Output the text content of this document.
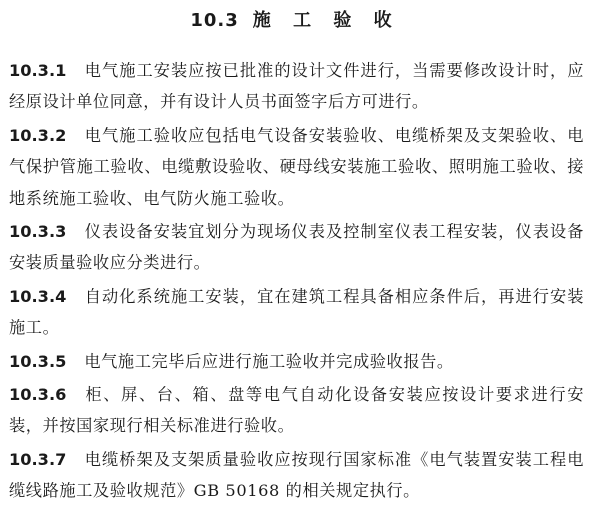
10.3 施 工 验 收

10.3.1 电气施工安装应按已批准的设计文件进行，当需要修改设计时，应经原设计单位同意，并有设计人员书面签字后方可进行。

10.3.2 电气施工验收应包括电气设备安装验收、电缆桥架及支架验收、电气保护管施工验收、电缆敷设验收、硬母线安装施工验收、照明施工验收、接地系统施工验收、电气防火施工验收。

10.3.3 仪表设备安装宜划分为现场仪表及控制室仪表工程安装，仪表设备安装质量验收应分类进行。

10.3.4 自动化系统施工安装，宜在建筑工程具备相应条件后，再进行安装施工。

10.3.5 电气施工完毕后应进行施工验收并完成验收报告。

10.3.6 柜、屏、台、箱、盘等电气自动化设备安装应按设计要求进行安装，并按国家现行相关标准进行验收。

10.3.7 电缆桥架及支架质量验收应按现行国家标准《电气装置安装工程电缆线路施工及验收规范》GB 50168 的相关规定执行。
